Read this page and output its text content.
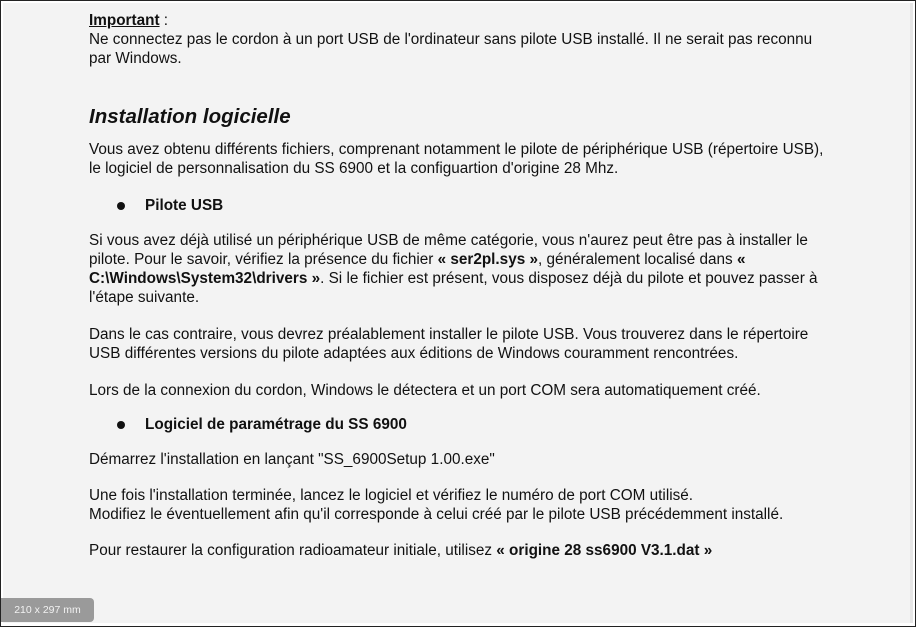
Important :
Ne connectez pas le cordon à un port USB de l'ordinateur sans pilote USB installé. Il ne serait pas reconnu par Windows.

Installation logicielle

Vous avez obtenu différents fichiers, comprenant notamment le pilote de périphérique USB (répertoire USB), le logiciel de personnalisation du SS 6900 et la configuartion d'origine 28 Mhz.

Pilote USB

Si vous avez déjà utilisé un périphérique USB de même catégorie, vous n'aurez peut être pas à installer le pilote. Pour le savoir, vérifiez la présence du fichier « ser2pl.sys », généralement localisé dans « C:\Windows\System32\drivers ». Si le fichier est présent, vous disposez déjà du pilote et pouvez passer à l'étape suivante.

Dans le cas contraire, vous devrez préalablement installer le pilote USB. Vous trouverez dans le répertoire USB différentes versions du pilote adaptées aux éditions de Windows couramment rencontrées.

Lors de la connexion du cordon, Windows le détectera et un port COM sera automatiquement créé.

Logiciel de paramétrage du SS 6900

Démarrez l'installation en lançant "SS_6900Setup 1.00.exe"

Une fois l'installation terminée, lancez le logiciel et vérifiez le numéro de port COM utilisé.
Modifiez le éventuellement afin qu'il corresponde à celui créé par le pilote USB précédemment installé.

Pour restaurer la configuration radioamateur initiale, utilisez « origine 28 ss6900 V3.1.dat »

210 x 297 mm
